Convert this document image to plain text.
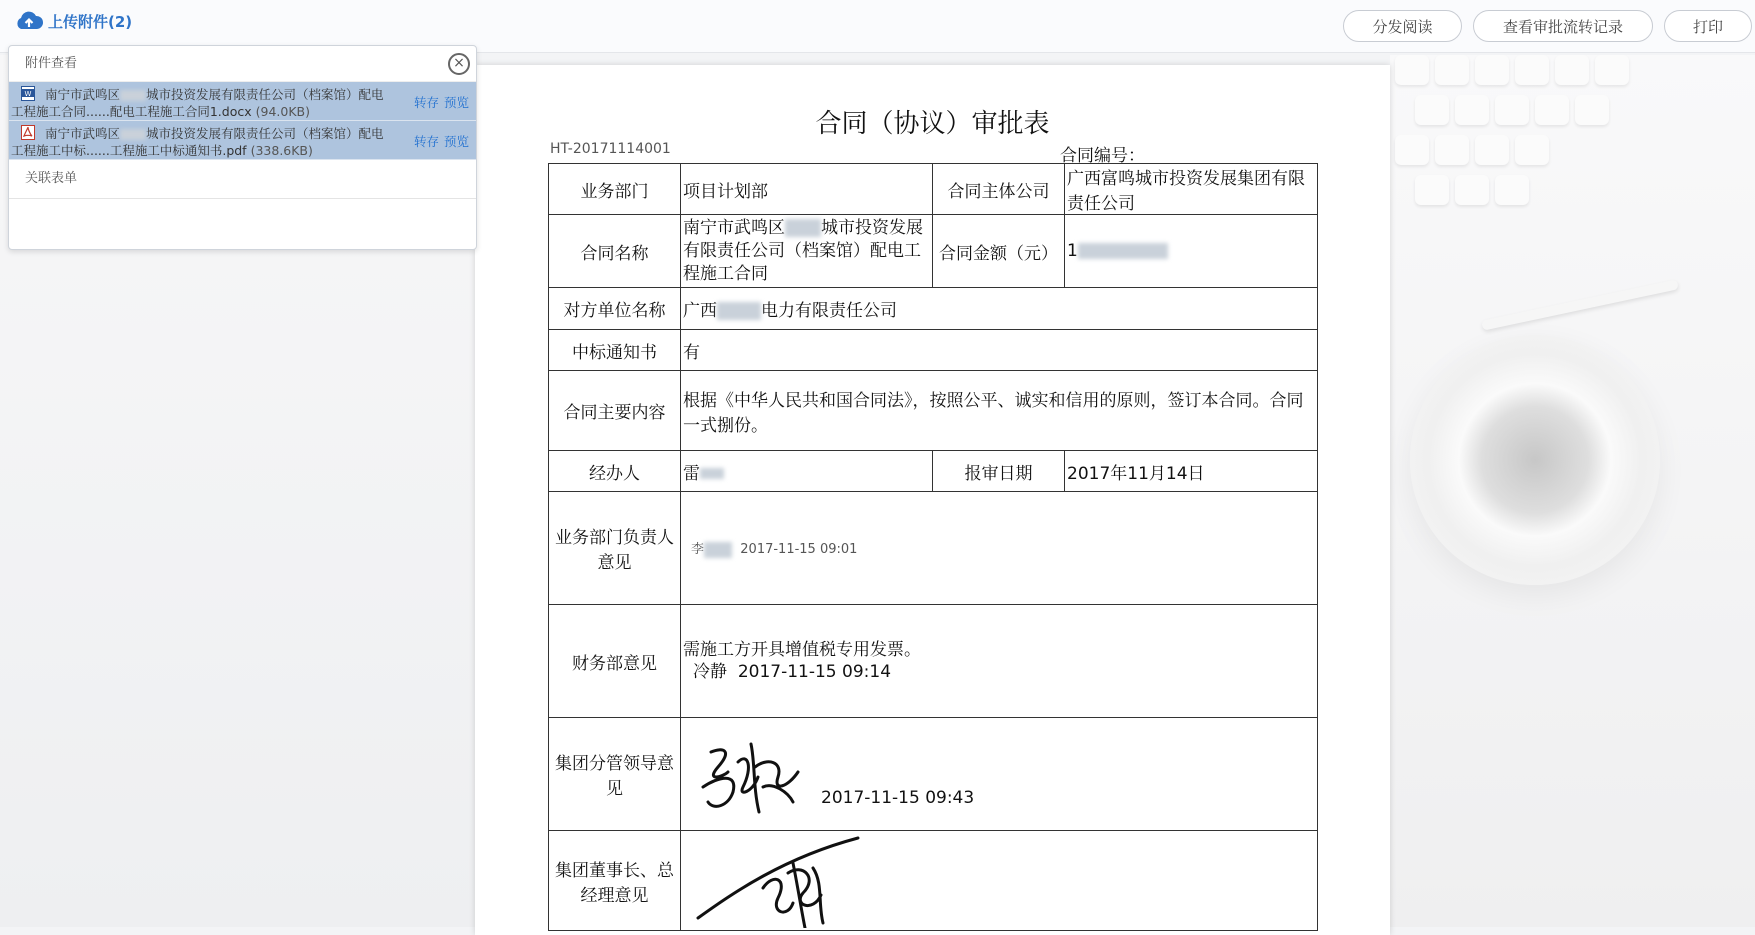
上传附件(2)	分发阅读	查看审批流转记录	打印
合同（协议）审批表
HT-20171114001	合同编号：
业务部门	项目计划部	合同主体公司	广西富鸣城市投资发展集团有限责任公司
合同名称	南宁市武鸣区 城市投资发展有限责任公司（档案馆）配电工程施工合同	合同金额（元）	1
对方单位名称	广西 电力有限责任公司		
中标通知书	有		
合同主要内容	根据《中华人民共和国合同法》，按照公平、诚实和信用的原则，签订本合同。合同一式捌份。		
经办人	雷	报审日期	2017年11月14日
业务部门负责人意见	李 2017-11-15 09:01		
财务部意见	需施工方开具增值税专用发票。
冷静 2017-11-15 09:14		

集团分管领导意见	2017-11-15 09:43		

集团董事长、总经理意见	
附件查看	×
W 南宁市武鸣区 城市投资发展有限责任公司（档案馆）配电
工程施工合同......配电工程施工合同1.docx (94.0KB)
转存 预览
南宁市武鸣区 城市投资发展有限责任公司（档案馆）配电
工程施工中标......工程施工中标通知书.pdf (338.6KB)
转存 预览
关联表单
